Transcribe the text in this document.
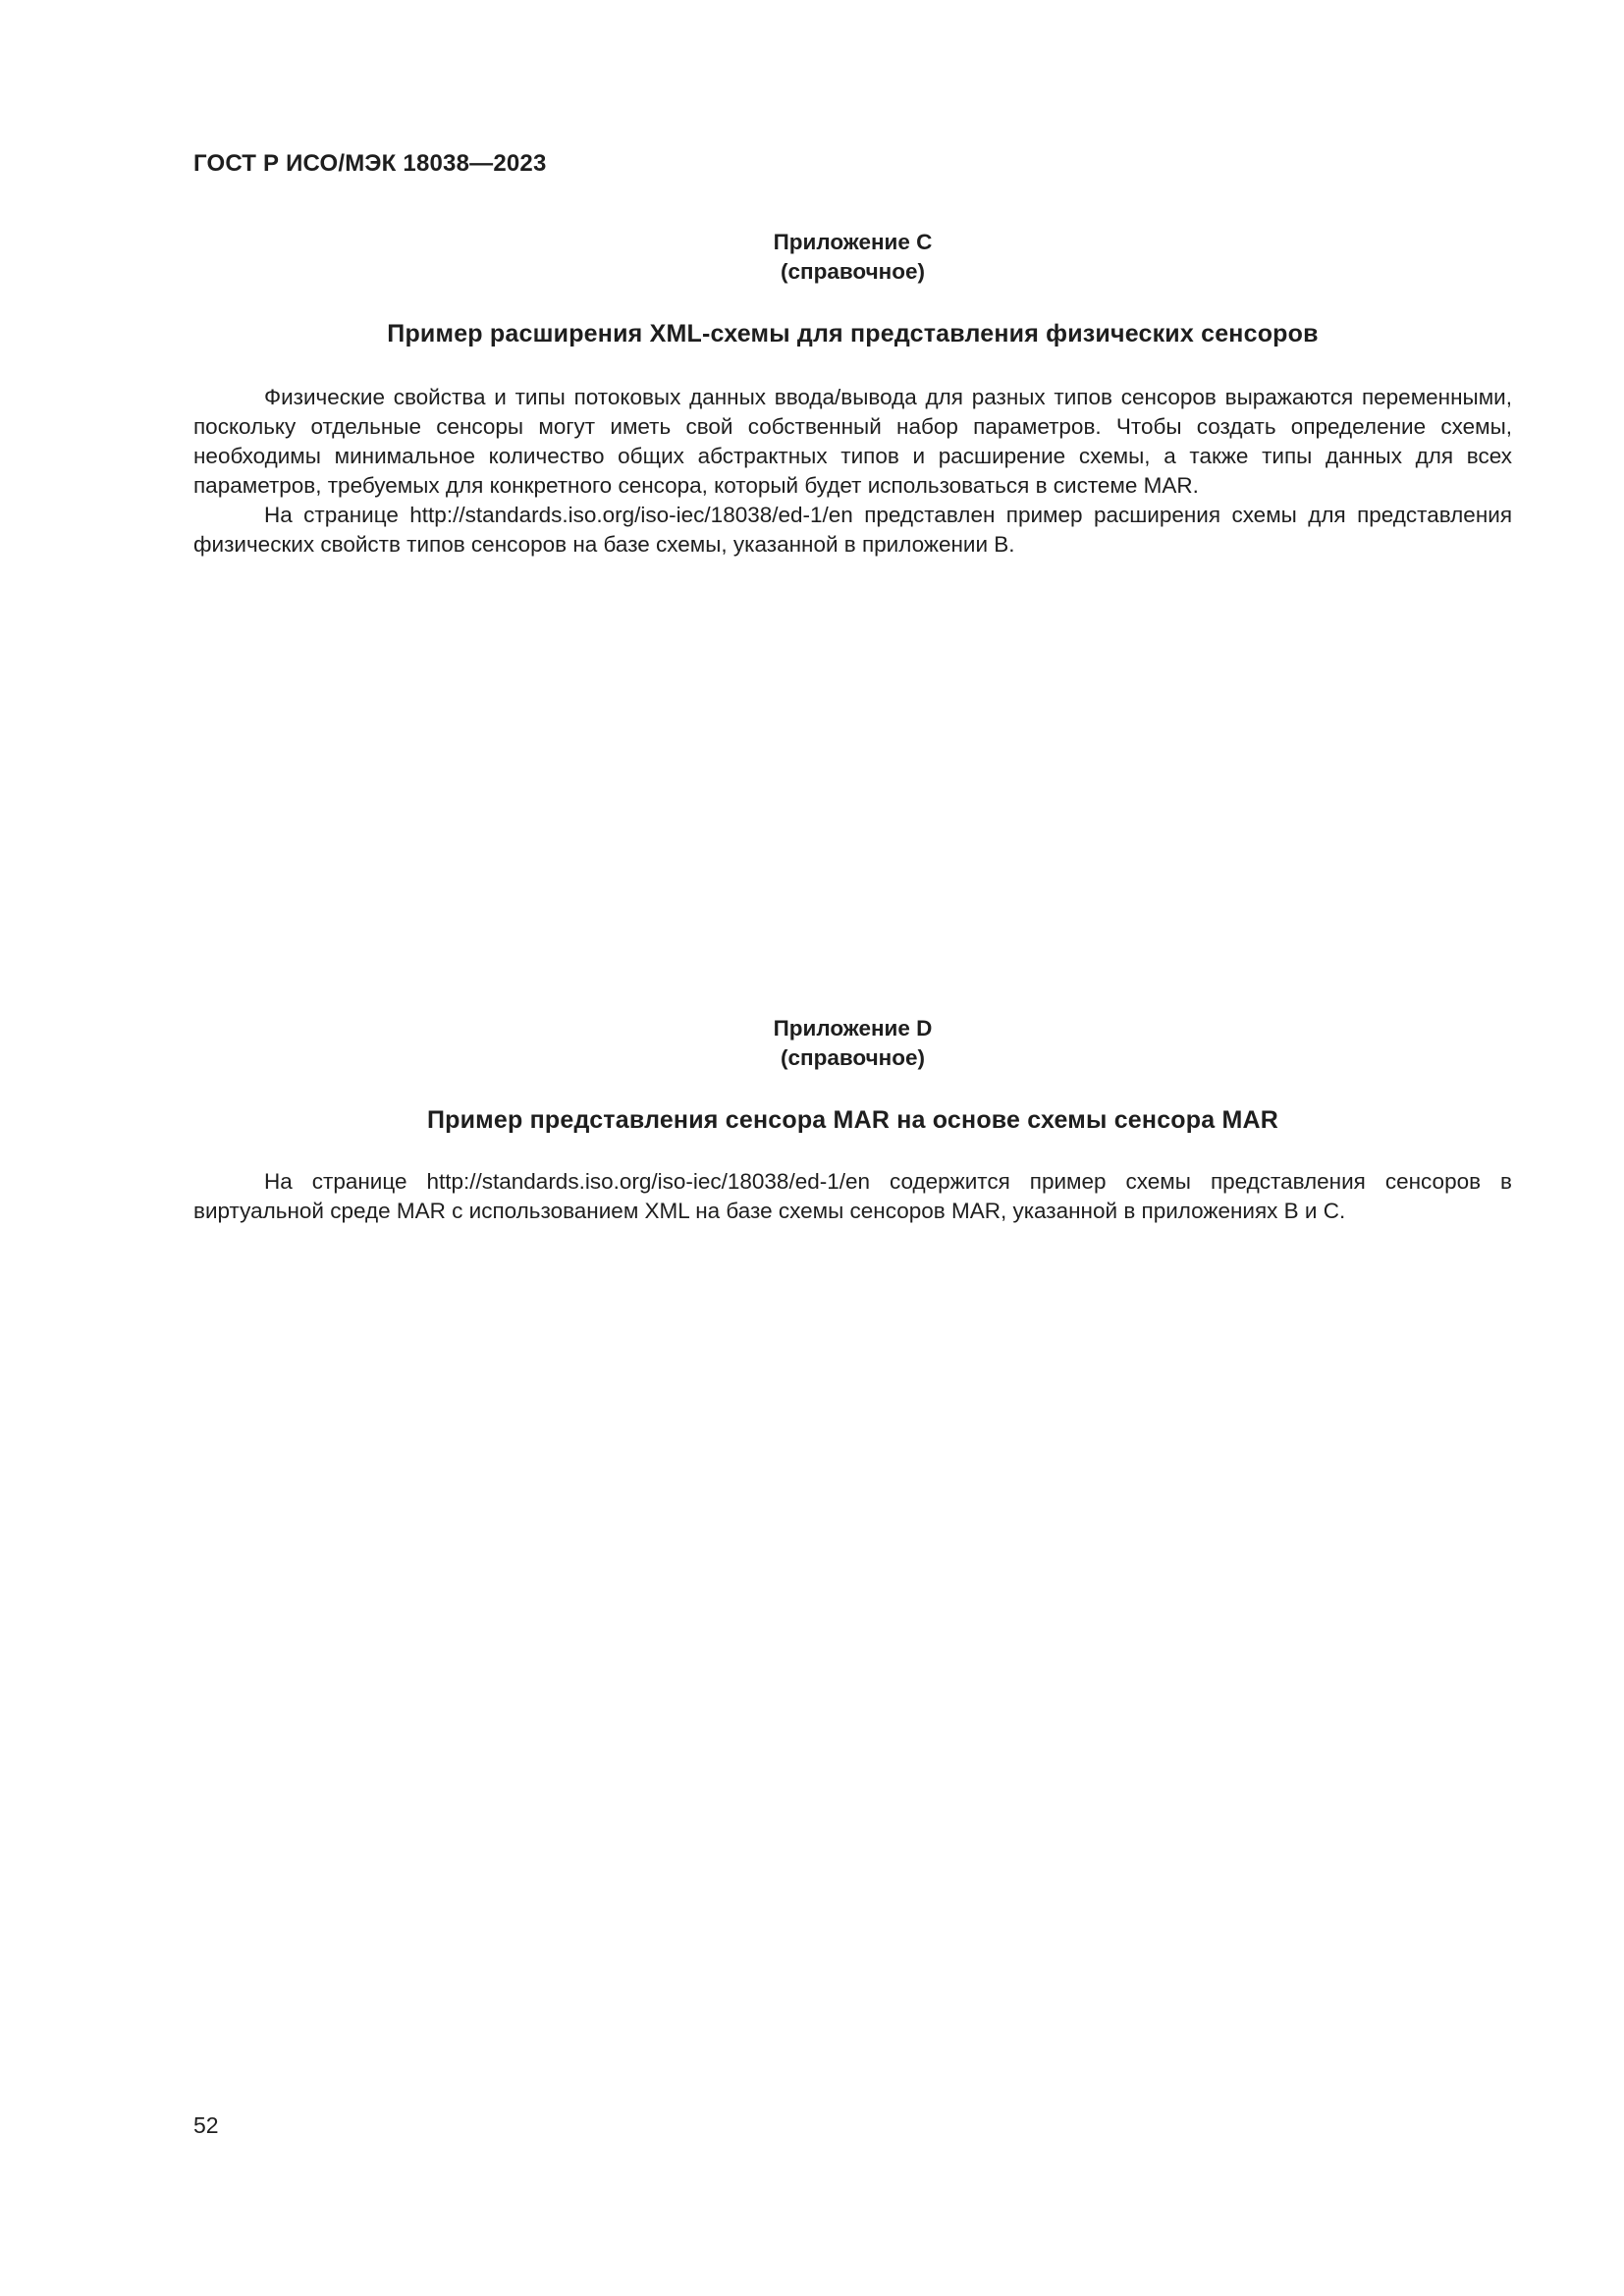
ГОСТ Р ИСО/МЭК 18038—2023
Приложение C
(справочное)
Пример расширения XML-схемы для представления физических сенсоров

Физические свойства и типы потоковых данных ввода/вывода для разных типов сенсоров выражаются переменными, поскольку отдельные сенсоры могут иметь свой собственный набор параметров. Чтобы создать определение схемы, необходимы минимальное количество общих абстрактных типов и расширение схемы, а также типы данных для всех параметров, требуемых для конкретного сенсора, который будет использоваться в системе MAR.

На странице http://standards.iso.org/iso-iec/18038/ed-1/en представлен пример расширения схемы для представления физических свойств типов сенсоров на базе схемы, указанной в приложении B.

Приложение D
(справочное)
Пример представления сенсора MAR на основе схемы сенсора MAR

На странице http://standards.iso.org/iso-iec/18038/ed-1/en содержится пример схемы представления сенсоров в виртуальной среде MAR с использованием XML на базе схемы сенсоров MAR, указанной в приложениях B и C.

52
